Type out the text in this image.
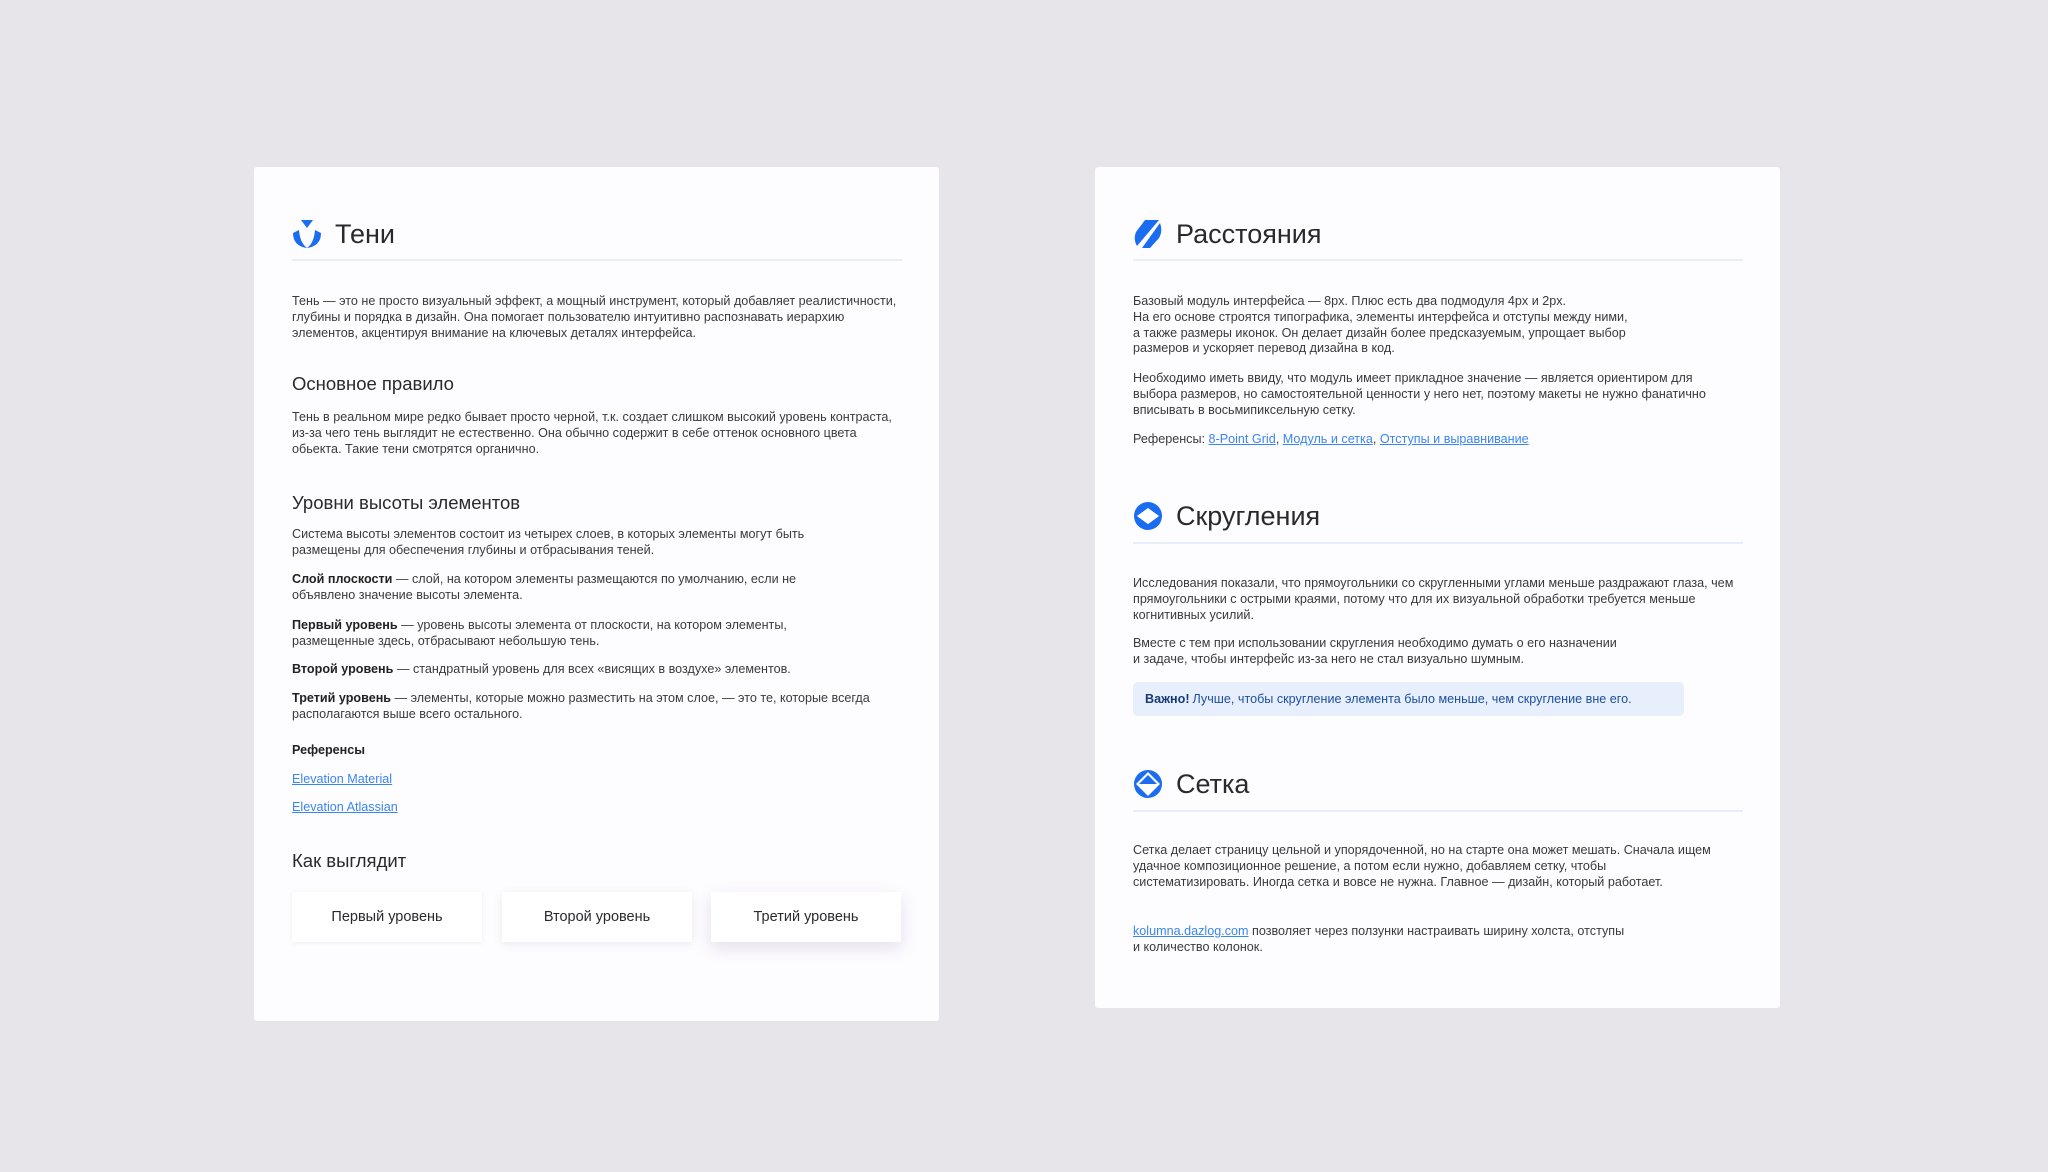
Тени

Тень — это не просто визуальный эффект, а мощный инструмент, который добавляет реалистичности, глубины и порядка в дизайн. Она помогает пользователю интуитивно распознавать иерархию элементов, акцентируя внимание на ключевых деталях интерфейса.

Основное правило

Тень в реальном мире редко бывает просто черной, т.к. создает слишком высокий уровень контраста, из-за чего тень выглядит не естественно. Она обычно содержит в себе оттенок основного цвета обьекта. Такие тени смотрятся органично.

Уровни высоты элементов

Система высоты элементов состоит из четырех слоев, в которых элементы могут быть размещены для обеспечения глубины и отбрасывания теней.

Слой плоскости — слой, на котором элементы размещаются по умолчанию, если не объявлено значение высоты элемента.

Первый уровень — уровень высоты элемента от плоскости, на котором элементы, размещенные здесь, отбрасывают небольшую тень.

Второй уровень — стандратный уровень для всех «висящих в воздухе» элементов.

Третий уровень — элементы, которые можно разместить на этом слое, — это те, которые всегда располагаются выше всего остального.

Референсы
Elevation Material
Elevation Atlassian
Как выглядит
Первый уровень	Второй уровень	Третий уровень
Расстояния
Базовый модуль интерфейса — 8px. Плюс есть два подмодуля 4px и 2px.
На его основе строятся типографика, элементы интерфейса и отступы между ними,
а также размеры иконок. Он делает дизайн более предсказуемым, упрощает выбор
размеров и ускоряет перевод дизайна в код.

Необходимо иметь ввиду, что модуль имеет прикладное значение — является ориентиром для выбора размеров, но самостоятельной ценности у него нет, поэтому макеты не нужно фанатично вписывать в восьмипиксельную сетку.

Референсы: 8-Point Grid, Модуль и сетка, Отступы и выравнивание
Скругления

Исследования показали, что прямоугольники со скругленными углами меньше раздражают глаза, чем прямоугольники с острыми краями, потому что для их визуальной обработки требуется меньше когнитивных усилий.

Вместе с тем при использовании скругления необходимо думать о его назначении
и задаче, чтобы интерфейс из-за него не стал визуально шумным.
Важно! Лучше, чтобы скругление элемента было меньше, чем скругление вне его.
Сетка

Сетка делает страницу цельной и упорядоченной, но на старте она может мешать. Сначала ищем удачное композиционное решение, а потом если нужно, добавляем сетку, чтобы систематизировать. Иногда сетка и вовсе не нужна. Главное — дизайн, который работает.

kolumna.dazlog.com позволяет через ползунки настраивать ширину холста, отступы
и количество колонок.
